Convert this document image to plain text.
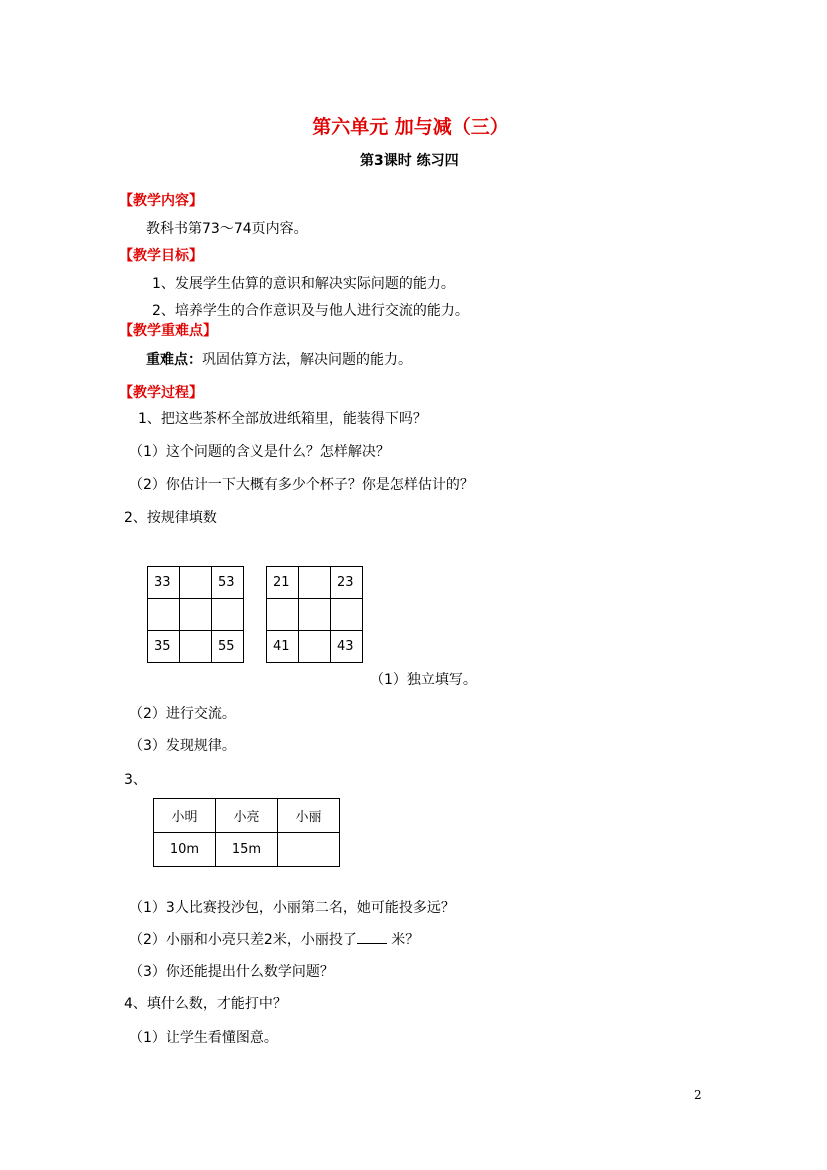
第六单元 加与减（三）
第3课时 练习四
【教学内容】
教科书第73～74页内容。
【教学目标】
1、发展学生估算的意识和解决实际问题的能力。
2、培养学生的合作意识及与他人进行交流的能力。
【教学重难点】
重难点：巩固估算方法，解决问题的能力。
【教学过程】
1、把这些茶杯全部放进纸箱里，能装得下吗？
（1）这个问题的含义是什么？怎样解决？
（2）你估计一下大概有多少个杯子？你是怎样估计的？
2、按规律填数
33		53

35		55
21		23

41		43
（1）独立填写。
（2）进行交流。
（3）发现规律。
3、
小明	小亮	小丽
10m	15m	
（1）3人比赛投沙包，小丽第二名，她可能投多远？
（2）小丽和小亮只差2米，小丽投了 米？
（3）你还能提出什么数学问题？
4、填什么数，才能打中？
（1）让学生看懂图意。
2
